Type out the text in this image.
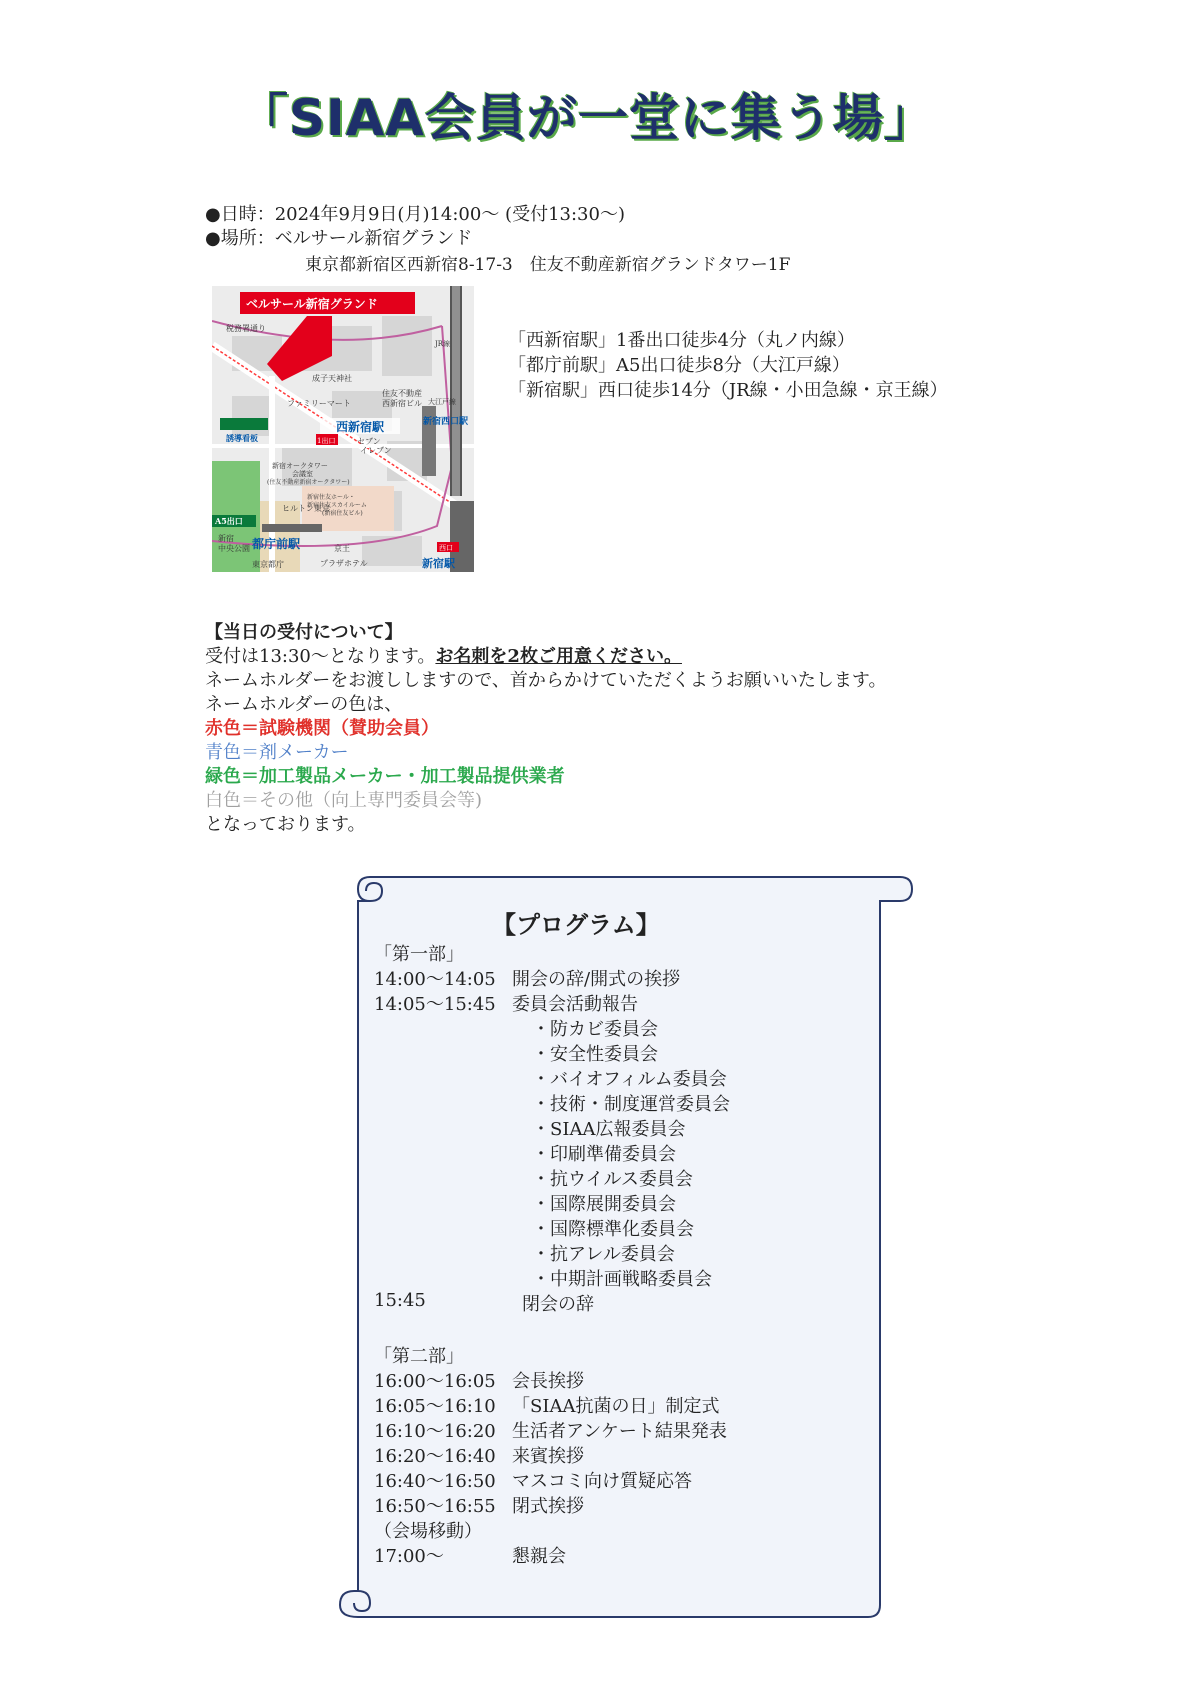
「SIAA会員が一堂に集う場」
●日時：2024年9月9日(月)14:00～ (受付13:30～)
●場所：ベルサール新宿グランド
東京都新宿区西新宿8-17-3　住友不動産新宿グランドタワー1F
ベルサール新宿グランド
税務署通り
成子天神社
住友不動産
西新宿ビル
ファミリーマート
誘導看板	セブン
イレブン
新宿オークタワー
会議室
(住友不動産新宿オークタワー)
ヒルトン東京
新宿
中央公園
新宿住友ホール・
新宿住友スカイルーム
(新宿住友ビル)
京王
プラザホテル
東京都庁
西新宿駅
1出口
JR線
大江戸線
A5出口
都庁前駅
新宿西口駅
西口
新宿駅
「西新宿駅」1番出口徒歩4分（丸ノ内線）
「都庁前駅」A5出口徒歩8分（大江戸線）
「新宿駅」西口徒歩14分（JR線・小田急線・京王線）
【当日の受付について】
受付は13:30～となります。お名刺を2枚ご用意ください。
ネームホルダーをお渡ししますので、首からかけていただくようお願いいたします。
ネームホルダーの色は、
赤色＝試験機関（賛助会員）
青色＝剤メーカー
緑色＝加工製品メーカー・加工製品提供業者
白色＝その他（向上専門委員会等)
となっております。
【プログラム】
「第一部」
14:00～14:05 開会の辞/開式の挨拶
14:05～15:45 委員会活動報告
・防カビ委員会
・安全性委員会
・バイオフィルム委員会
・技術・制度運営委員会
・SIAA広報委員会
・印刷準備委員会
・抗ウイルス委員会
・国際展開委員会
・国際標準化委員会
・抗アレル委員会
・中期計画戦略委員会
15:45	閉会の辞
「第二部」
16:00～16:05 会長挨拶
16:05～16:10 「SIAA抗菌の日」制定式
16:10～16:20 生活者アンケート結果発表
16:20～16:40 来賓挨拶
16:40～16:50 マスコミ向け質疑応答
16:50～16:55 閉式挨拶
（会場移動）
17:00～	懇親会
